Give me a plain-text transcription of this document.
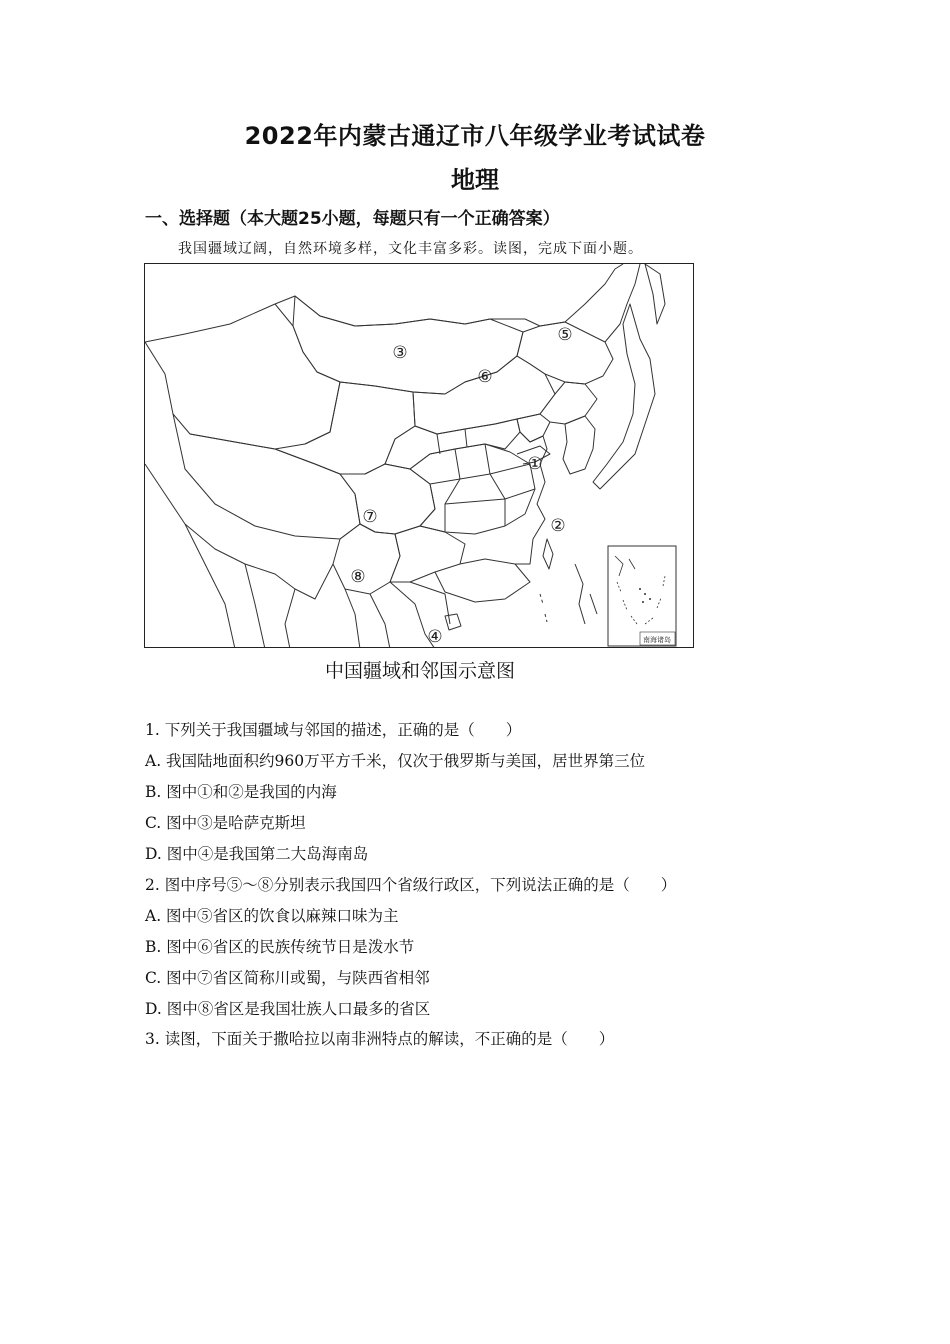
2022年内蒙古通辽市八年级学业考试试卷
地理
一、选择题（本大题25小题，每题只有一个正确答案）
我国疆域辽阔，自然环境多样，文化丰富多彩。读图，完成下面小题。
①
②
③
④
⑤
⑥
⑦
⑧
南海诸岛
中国疆域和邻国示意图
1. 下列关于我国疆域与邻国的描述，正确的是（　　）
A. 我国陆地面积约960万平方千米，仅次于俄罗斯与美国，居世界第三位
B. 图中①和②是我国的内海
C. 图中③是哈萨克斯坦
D. 图中④是我国第二大岛海南岛
2. 图中序号⑤～⑧分别表示我国四个省级行政区，下列说法正确的是（　　）
A. 图中⑤省区的饮食以麻辣口味为主
B. 图中⑥省区的民族传统节日是泼水节
C. 图中⑦省区简称川或蜀，与陕西省相邻
D. 图中⑧省区是我国壮族人口最多的省区
3. 读图，下面关于撒哈拉以南非洲特点的解读，不正确的是（　　）
